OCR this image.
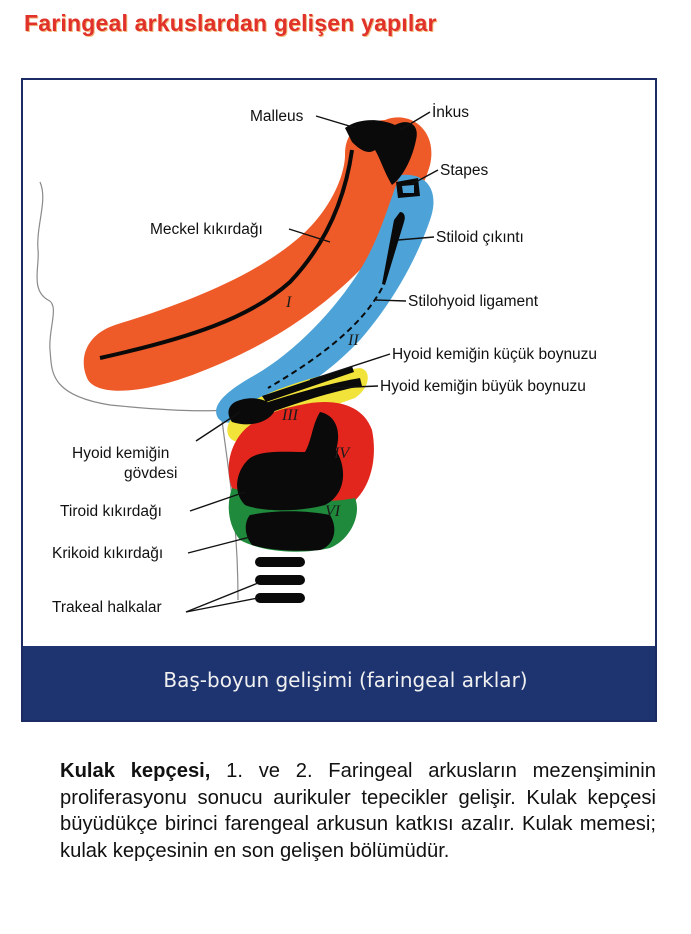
Faringeal arkuslardan gelişen yapılar
I
II
III
IV
VI
Malleus	İnkus
Stapes
Meckel kıkırdağı	Stiloid çıkıntı
Stilohyoid ligament
Hyoid kemiğin küçük boynuzu
Hyoid kemiğin büyük boynuzu
Hyoid kemiğin
gövdesi
Tiroid kıkırdağı
Krikoid kıkırdağı
Trakeal halkalar
Baş-boyun gelişimi (faringeal arklar)
Kulak kepçesi, 1. ve 2. Faringeal arkusların mezenşiminin proliferasyonu sonucu aurikuler tepecikler gelişir. Kulak kepçesi büyüdükçe birinci farengeal arkusun katkısı azalır. Kulak memesi; kulak kepçesinin en son gelişen bölümüdür.
